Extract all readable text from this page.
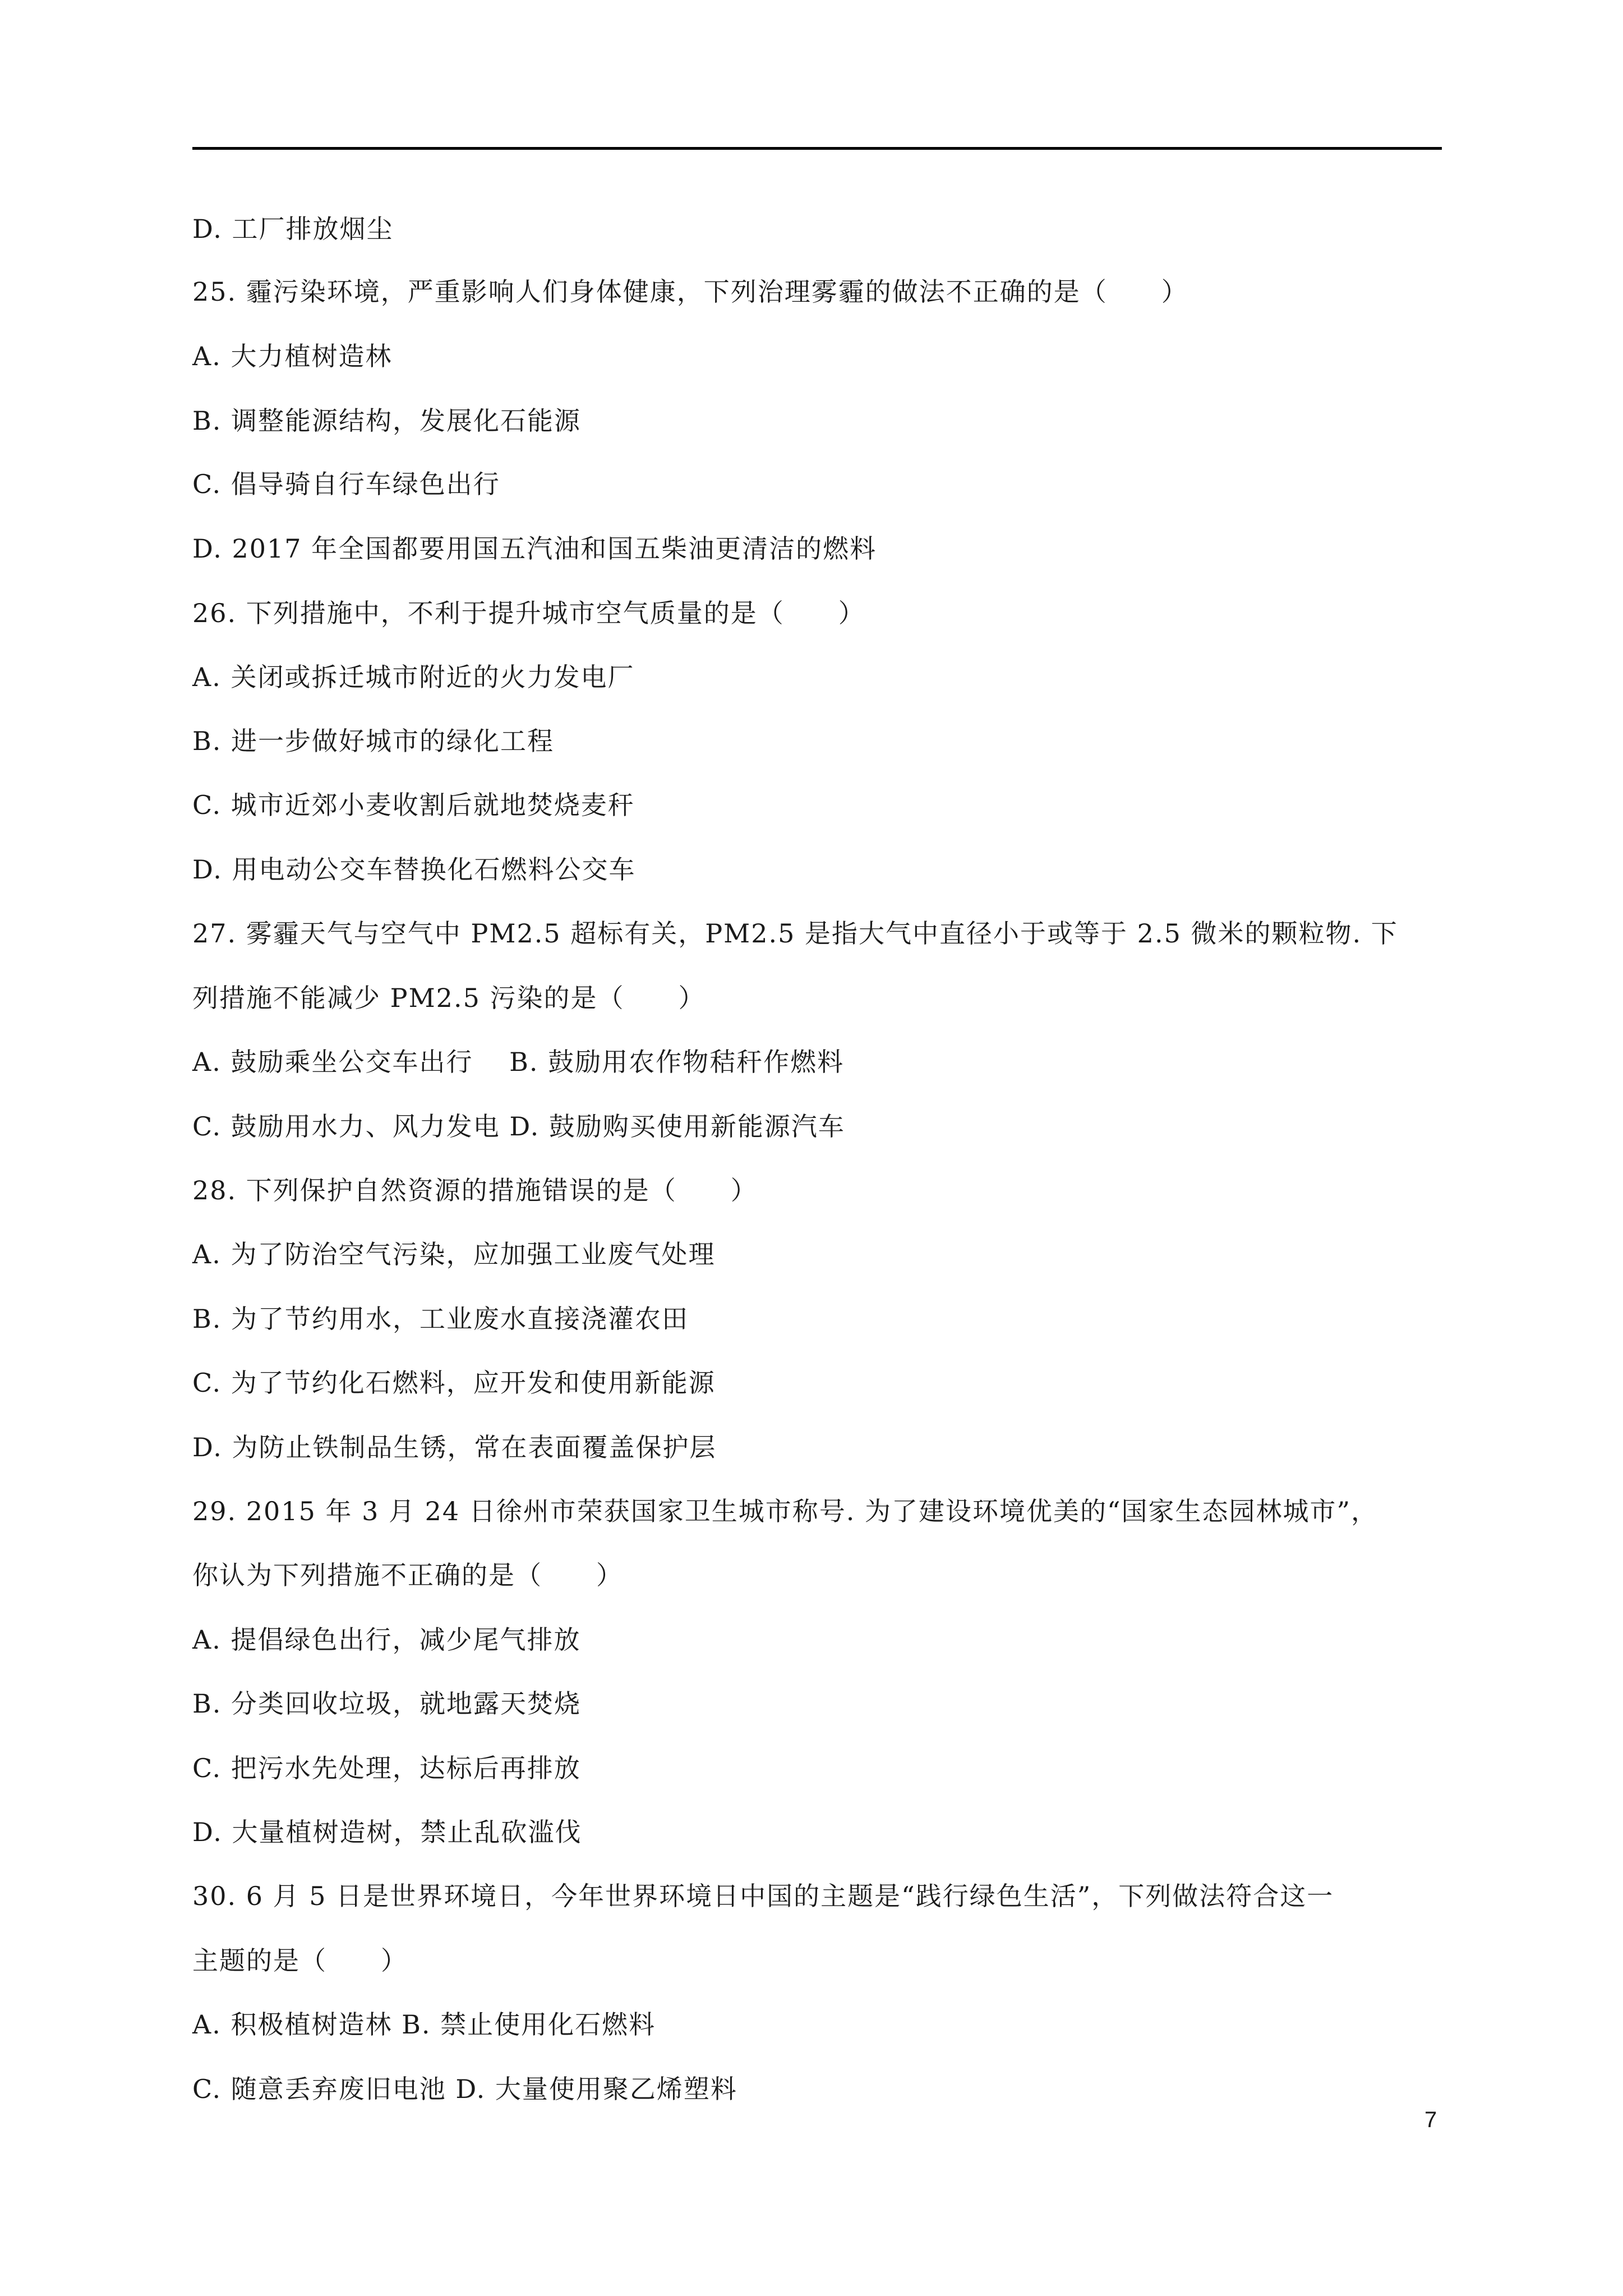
D. 工厂排放烟尘
25. 霾污染环境，严重影响人们身体健康，下列治理雾霾的做法不正确的是（　　）
A. 大力植树造林
B. 调整能源结构，发展化石能源
C. 倡导骑自行车绿色出行
D. 2017 年全国都要用国五汽油和国五柴油更清洁的燃料
26. 下列措施中，不利于提升城市空气质量的是（　　）
A. 关闭或拆迁城市附近的火力发电厂
B. 进一步做好城市的绿化工程
C. 城市近郊小麦收割后就地焚烧麦秆
D. 用电动公交车替换化石燃料公交车
27. 雾霾天气与空气中 PM2.5 超标有关，PM2.5 是指大气中直径小于或等于 2.5 微米的颗粒物. 下
列措施不能减少 PM2.5 污染的是（　　）
A. 鼓励乘坐公交车出行　 B. 鼓励用农作物秸秆作燃料
C. 鼓励用水力、风力发电 D. 鼓励购买使用新能源汽车
28. 下列保护自然资源的措施错误的是（　　）
A. 为了防治空气污染，应加强工业废气处理
B. 为了节约用水，工业废水直接浇灌农田
C. 为了节约化石燃料，应开发和使用新能源
D. 为防止铁制品生锈，常在表面覆盖保护层
29. 2015 年 3 月 24 日徐州市荣获国家卫生城市称号. 为了建设环境优美的“国家生态园林城市”，
你认为下列措施不正确的是（　　）
A. 提倡绿色出行，减少尾气排放
B. 分类回收垃圾，就地露天焚烧
C. 把污水先处理，达标后再排放
D. 大量植树造树，禁止乱砍滥伐
30. 6 月 5 日是世界环境日，今年世界环境日中国的主题是“践行绿色生活”，下列做法符合这一
主题的是（　　）
A. 积极植树造林 B. 禁止使用化石燃料
C. 随意丢弃废旧电池 D. 大量使用聚乙烯塑料
7
